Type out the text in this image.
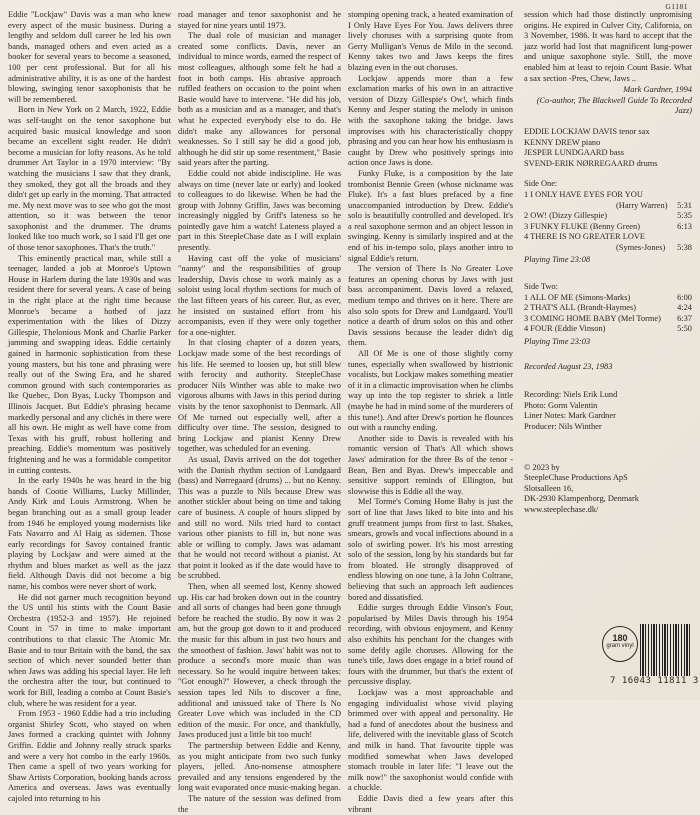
G1181

Eddie "Lockjaw" Davis was a man who knew every aspect of the music business. During a lengthy and seldom dull career he led his own bands, managed others and even acted as a booker for several years to become a seasoned, 100 per cent professional. But for all his administrative ability, it is as one of the hardest blowing, swinging tenor saxophonists that he will be remembered.

Born in New York on 2 March, 1922, Eddie was self-taught on the tenor saxophone but acquired basic musical knowledge and soon became an excellent sight reader. He didn't become a musician for lofty reasons. As he told drummer Art Taylor in a 1970 interview: "By watching the musicians I saw that they drank, they smoked, they got all the broads and they didn't get up early in the morning. That attracted me. My next move was to see who got the most attention, so it was between the tenor saxophonist and the drummer. The drums looked like too much work, so I said I'll get one of those tenor saxophones. That's the truth."

This eminently practical man, while still a teenager, landed a job at Monroe's Uptown House in Harlem during the late 1930s and was resident there for several years. A case of being in the right place at the right time because Monroe's became a hotbed of jazz experimentation with the likes of Dizzy Gillespie, Thelonious Monk and Charlie Parker jamming and swapping ideas. Eddie certainly gained in harmonic sophistication from these young masters, but his tone and phrasing were really out of the Swing Era, and he shared common ground with such contemporaries as Ike Quebec, Don Byas, Lucky Thompson and Illinois Jacquet. But Eddie's phrasing became markedly personal and any clichés in there were all his own. He might as well have come from Texas with his gruff, robust hollering and preaching. Eddie's momentum was positively frightening and he was a formidable competitor in cutting contests.

In the early 1940s he was heard in the big bands of Cootie Williams, Lucky Millinder, Andy Kirk and Louis Armstrong. When he began branching out as a small group leader from 1946 he employed young modernists like Fats Navarro and Al Haig as sidemen. Those early recordings for Savoy contained frantic playing by Lockjaw and were aimed at the rhythm and blues market as well as the jazz field. Although Davis did not become a big name, his combos were never short of work.

He did not garner much recognition beyond the US until his stints with the Count Basie Orchestra (1952-3 and 1957). He rejoined Count in '57 in time to make important contributions to that classic The Atomic Mr. Basie and to tour Britain with the band, the sax section of which never sounded better than when Jaws was adding his special layer. He left the orchestra after the tour, but continued to work for Bill, leading a combo at Count Basie's club, where he was resident for a year.

From 1953 - 1960 Eddie had a trio including organist Shirley Scott, who stayed on when Jaws formed a cracking quintet with Johnny Griffin. Eddie and Johnny really struck sparks and were a very hot combo in the early 1960s. Then came a spell of two years working for Shaw Artists Corporation, booking bands across America and overseas. Jaws was eventually cajoled into returning to his

road manager and tenor saxophonist and he stayed for nine years until 1973.

The dual role of musician and manager created some conflicts. Davis, never an individual to mince words, earned the respect of most colleagues, although some felt he had a foot in both camps. His abrasive approach ruffled feathers on occasion to the point when Basie would have to intervene. "He did his job, both as a musician and as a manager, and that's what he expected everybody else to do. He didn't make any allowances for personal weaknesses. So I still say he did a good job, although he did stir up some resentment," Basie said years after the parting.

Eddie could not abide indiscipline. He was always on time (never late or early) and looked to colleagues to do likewise. When he had the group with Johnny Griffin, Jaws was becoming increasingly niggled by Griff's lateness so he pointedly gave him a watch! Lateness played a part in this SteepleChase date as I will explain presently.

Having cast off the yoke of musicians' "nanny" and the responsibilities of group leadership, Davis chose to work mainly as a soloist using local rhythm sections for much of the last fifteen years of his career. But, as ever, he insisted on sustained effort from his accompanists, even if they were only together for a one-nighter.

In that closing chapter of a dozen years, Lockjaw made some of the best recordings of his life. He seemed to loosen up, but still blew with ferocity and authority. SteepleChase producer Nils Winther was able to make two vigorous albums with Jaws in this period during visits by the tenor saxophonist to Denmark. All Of Me turned out especially well, after a difficulty over time. The session, designed to bring Lockjaw and pianist Kenny Drew together, was scheduled for an evening.

As usual, Davis arrived on the dot together with the Danish rhythm section of Lundgaard (bass) and Nørregaard (drums) ... but no Kenny. This was a puzzle to Nils because Drew was another stickler about being on time and taking care of business. A couple of hours slipped by and still no word. Nils tried hard to contact various other pianists to fill in, but none was able or willing to comply. Jaws was adamant that he would not record without a pianist. At that point it looked as if the date would have to be scrubbed.

Then, when all seemed lost, Kenny showed up. His car had broken down out in the country and all sorts of changes had been gone through before he reached the studio. By now it was 2 am, but the group got down to it and produced the music for this album in just two hours and the smoothest of fashion. Jaws' habit was not to produce a second's more music than was necessary. So he would inquire between takes: "Got enough?" However, a check through the session tapes led Nils to discover a fine, additional and unissued take of There Is No Greater Love which was included in the CD edition of the music. For once, and thankfully, Jaws produced just a little bit too much!

The partnership between Eddie and Kenny, as you might anticipate from two such funky players, jelled. Ano-nonsense atmosphere prevailed and any tensions engendered by the long wait evaporated once music-making began.

The nature of the session was defined from the

stomping opening track, a heated examination of I Only Have Eyes For You. Jaws delivers three lively choruses with a surprising quote from Gerry Mulligan's Venus de Milo in the second. Kenny takes two and Jaws keeps the fires blazing even in the out choruses.

Lockjaw appends more than a few exclamation marks of his own in an attractive version of Dizzy Gillespie's Ow!, which finds Kenny and Jesper stating the melody in unison with the saxophone taking the bridge. Jaws improvises with his characteristically choppy phrasing and you can hear how his enthusiasm is caught by Drew who positively springs into action once Jaws is done.

Funky Fluke, is a composition by the late trombonist Bennie Green (whose nickname was Fluke). It's a fast blues prefaced by a fine unaccompanied introduction by Drew. Eddie's solo is beautifully controlled and developed. It's a real saxophone sermon and an object lesson in swinging. Kenny is similarly inspired and at the end of his in-tempo solo, plays another intro to signal Eddie's return.

The version of There Is No Greater Love features an opening chorus by Jaws with just bass accompaniment. Davis loved a relaxed, medium tempo and thrives on it here. There are also solo spots for Drew and Lundgaard. You'll notice a dearth of drum solos on this and other Davis sessions because the leader didn't dig them.

All Of Me is one of those slightly corny tunes, especially when swallowed by histrionic vocalists, but Lockjaw makes something meatier of it in a climactic improvisation when he climbs way up into the top register to shriek a little (maybe he had in mind some of the murderers of this tune!). And after Drew's portion he flounces out with a raunchy ending.

Another side to Davis is revealed with his romantic version of That's All which shows Jaws' admiration for the three Bs of the tenor - Bean, Ben and Byas. Drew's impeccable and sensitive support reminds of Ellington, but slowwise this is Eddie all the way.

Mel Torme's Coming Home Baby is just the sort of line that Jaws liked to bite into and his gruff treatment jumps from first to last. Shakes, smears, growls and vocal inflections abound in a solo of swirling power. It's his most arresting solo of the session, long by his standards but far from bloated. He strongly disapproved of endless blowing on one tune, à la John Coltrane, believing that such an approach left audiences bored and dissatisfied.

Eddie surges through Eddie Vinson's Four, popularised by Miles Davis through his 1954 recording, with obvious enjoyment, and Kenny also exhibits his penchant for the changes with some deftly agile choruses. Allowing for the tune's title, Jaws does engage in a brief round of fours with the drummer, but that's the extent of percussive display.

Lockjaw was a most approachable and engaging individualist whose vivid playing brimmed over with appeal and personality. He had a fund of anecdotes about the business and life, delivered with the inevitable glass of Scotch and milk in hand. That favourite tipple was modified somewhat when Jaws developed stomach trouble in later life: "I leave out the milk now!" the saxophonist would confide with a chuckle.

Eddie Davis died a few years after this vibrant

session which had those distinctly unpromising origins. He expired in Culver City, California, on 3 November, 1986. It was hard to accept that the jazz world had lost that magnificent lung-power and unique saxophone style. Still, the move enabled him at least to rejoin Count Basie. What a sax section -Pres, Chew, Jaws ..

Mark Gardner, 1994
(Co-author, The Blackwell Guide To Recorded Jazz)
EDDIE LOCKJAW DAVIS tenor sax
KENNY DREW piano
JESPER LUNDGAARD bass
SVEND-ERIK NØRREGAARD drums
Side One:
1 I ONLY HAVE EYES FOR YOU
(Harry Warren) 5:31
2 OW! (Dizzy Gillespie)	5:35
3 FUNKY FLUKE (Benny Green)	6:13
4 THERE IS NO GREATER LOVE
(Symes-Jones) 5:38
Playing Time 23:08
Side Two:
1 ALL OF ME (Simons-Marks)	6:00
2 THAT'S ALL (Brandt-Haymes)	4:24
3 COMING HOME BABY (Mel Torme) 6:37
4 FOUR (Eddie Vinson)	5:50
Playing Time 23:03
Recorded August 23, 1983
Recording: Niels Erik Lund
Photo: Gorm Valentin
Liner Notes: Mark Gardner
Producer: Nils Winther
© 2023 by
SteepleChase Productions ApS
Slotsalleen 16,
DK-2930 Klampenborg, Denmark
www.steeplechase.dk/
180
gram vinyl
7 16043 11811 3
